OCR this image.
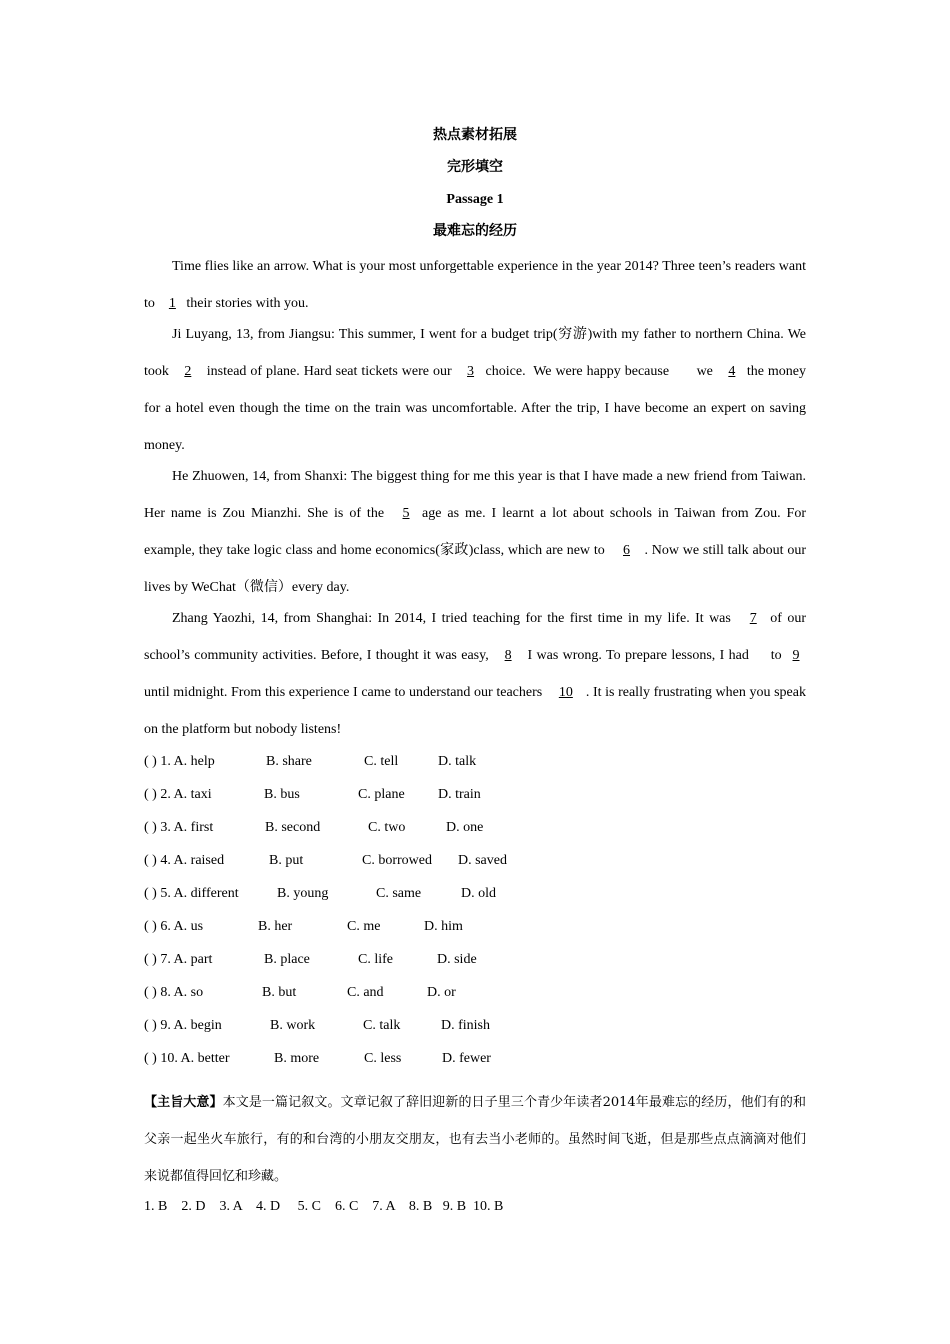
热点素材拓展
完形填空
Passage 1
最难忘的经历
Time flies like an arrow. What is your most unforgettable experience in the year 2014? Three teen’s readers want to 1 their stories with you.
Ji Luyang, 13, from Jiangsu: This summer, I went for a budget trip(穷游)with my father to northern China. We took 2 instead of plane. Hard seat tickets were our 3 choice.  We were happy because       we 4 the money for a hotel even though the time on the train was uncomfortable. After the trip, I have become an expert on saving money.
He Zhuowen, 14, from Shanxi: The biggest thing for me this year is that I have made a new friend from Taiwan. Her name is Zou Mianzhi. She is of the 5 age as me. I learnt a lot about schools in Taiwan from Zou. For example, they take logic class and home economics(家政)class, which are new to 6 . Now we still talk about our lives by WeChat（微信）every day.
Zhang Yaozhi, 14, from Shanghai: In 2014, I tried teaching for the first time in my life. It was 7 of our school’s community activities. Before, I thought it was easy, 8 I was wrong. To prepare lessons, I had     to 9 until midnight. From this experience I came to understand our teachers 10 . It is really frustrating when you speak on the platform but nobody listens!
( ) 1. A. help	B. share	C. tell	D. talk
( ) 2. A. taxi	B. bus	C. plane D. train
( ) 3. A. first	B. second	C. two	D. one
( ) 4. A. raised	B. put	C. borrowed D. saved
( ) 5. A. different	B. young	C. same	D. old
( ) 6. A. us	B. her	C. me	D. him
( ) 7. A. part	B. place	C. life	D. side
( ) 8. A. so	B. but	C. and	D. or
( ) 9. A. begin	B. work	C. talk	D. finish
( ) 10. A. better	B. more	C. less	D. fewer
【主旨大意】本文是一篇记叙文。文章记叙了辞旧迎新的日子里三个青少年读者2014年最难忘的经历，他们有的和父亲一起坐火车旅行，有的和台湾的小朋友交朋友，也有去当小老师的。虽然时间飞逝，但是那些点点滴滴对他们来说都值得回忆和珍藏。
1. B    2. D    3. A    4. D     5. C    6. C    7. A    8. B   9. B  10. B
